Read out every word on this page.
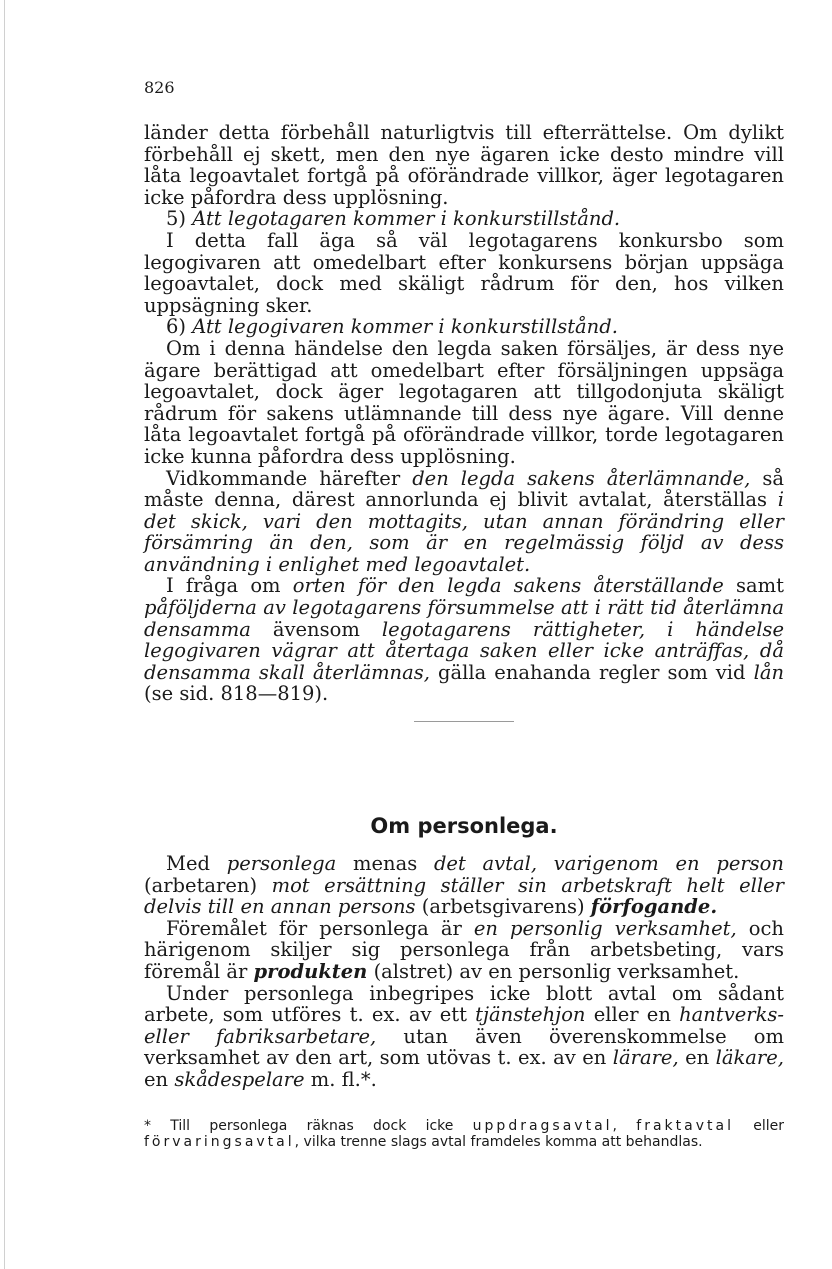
826

länder detta förbehåll naturligtvis till efterrättelse. Om dylikt förbehåll ej skett, men den nye ägaren icke desto mindre vill låta legoavtalet fortgå på oförändrade villkor, äger legotagaren icke påfordra dess upplösning.

5) Att legotagaren kommer i konkurstillstånd.

I detta fall äga så väl legotagarens konkursbo som legogivaren att omedelbart efter konkursens början uppsäga legoavtalet, dock med skäligt rådrum för den, hos vilken uppsägning sker.

6) Att legogivaren kommer i konkurstillstånd.

Om i denna händelse den legda saken försäljes, är dess nye ägare berättigad att omedelbart efter försäljningen uppsäga legoavtalet, dock äger legotagaren att tillgodonjuta skäligt rådrum för sakens utlämnande till dess nye ägare. Vill denne låta legoavtalet fortgå på oförändrade villkor, torde legotagaren icke kunna påfordra dess upplösning.

Vidkommande härefter den legda sakens återlämnande, så måste denna, därest annorlunda ej blivit avtalat, återställas i det skick, vari den mottagits, utan annan förändring eller försämring än den, som är en regelmässig följd av dess användning i enlighet med legoavtalet.

I fråga om orten för den legda sakens återställande samt påföljderna av legotagarens försummelse att i rätt tid återlämna densamma ävensom legotagarens rättigheter, i händelse legogivaren vägrar att återtaga saken eller icke anträffas, då densamma skall återlämnas, gälla enahanda regler som vid lån (se sid. 818—819).

Om personlega.

Med personlega menas det avtal, varigenom en person (arbetaren) mot ersättning ställer sin arbetskraft helt eller delvis till en annan persons (arbetsgivarens) förfogande.

Föremålet för personlega är en personlig verksamhet, och härigenom skiljer sig personlega från arbetsbeting, vars föremål är produkten (alstret) av en personlig verksamhet.

Under personlega inbegripes icke blott avtal om sådant arbete, som utföres t. ex. av ett tjänstehjon eller en hantverks- eller fabriksarbetare, utan även överenskommelse om verksamhet av den art, som utövas t. ex. av en lärare, en läkare, en skådespelare m. fl.*.

* Till personlega räknas dock icke uppdragsavtal, fraktavtal eller förvaringsavtal, vilka trenne slags avtal framdeles komma att behandlas.
